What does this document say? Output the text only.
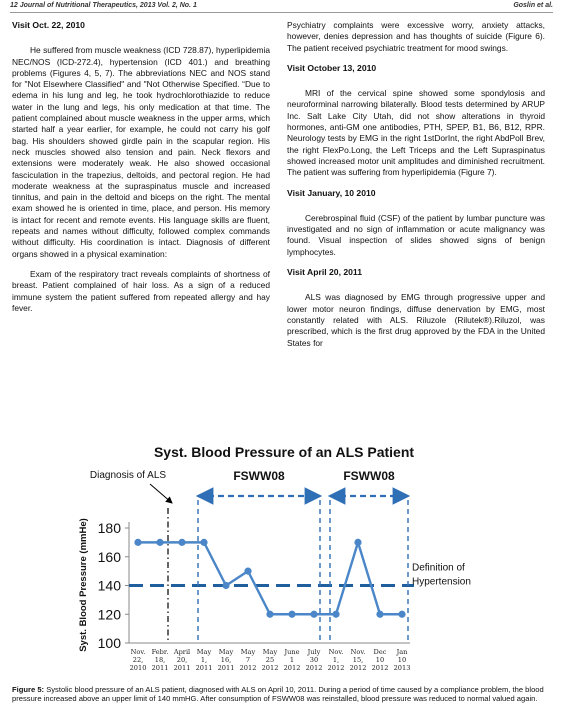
12 Journal of Nutritional Therapeutics, 2013 Vol. 2, No. 1	Goslin et al.
Visit Oct. 22, 2010

He suffered from muscle weakness (ICD 728.87), hyperlipidemia NEC/NOS (ICD-272.4), hypertension (ICD 401.) and breathing problems (Figures 4, 5, 7). The abbreviations NEC and NOS stand for "Not Elsewhere Classified" and "Not Otherwise Specified. “Due to edema in his lung and leg, he took hydrochlorothiazide to reduce water in the lung and legs, his only medication at that time. The patient complained about muscle weakness in the upper arms, which started half a year earlier, for example, he could not carry his golf bag. His shoulders showed girdle pain in the scapular region. His neck muscles showed also tension and pain. Neck flexors and extensions were moderately weak. He also showed occasional fasciculation in the trapezius, deltoids, and pectoral region. He had moderate weakness at the supraspinatus muscle and increased tinnitus, and pain in the deltoid and biceps on the right. The mental exam showed he is oriented in time, place, and person. His memory is intact for recent and remote events. His language skills are fluent, repeats and names without difficulty, followed complex commands without difficulty. His coordination is intact. Diagnosis of different organs showed in a physical examination:

Exam of the respiratory tract reveals complaints of shortness of breast. Patient complained of hair loss. As a sign of a reduced immune system the patient suffered from repeated allergy and hay fever.

Psychiatry complaints were excessive worry, anxiety attacks, however, denies depression and has thoughts of suicide (Figure 6). The patient received psychiatric treatment for mood swings.

Visit October 13, 2010

MRI of the cervical spine showed some spondylosis and neuroforminal narrowing bilaterally. Blood tests determined by ARUP Inc. Salt Lake City Utah, did not show alterations in thyroid hormones, anti-GM one antibodies, PTH, SPEP, B1, B6, B12, RPR. Neurology tests by EMG in the right 1stDorInt, the right AbdPoll Brev, the right FlexPo.Long, the Left Triceps and the Left Supraspinatus showed increased motor unit amplitudes and diminished recruitment. The patient was suffering from hyperlipidemia (Figure 7).

Visit January, 10 2010

Cerebrospinal fluid (CSF) of the patient by lumbar puncture was investigated and no sign of inflammation or acute malignancy was found. Visual inspection of slides showed signs of benign lymphocytes.

Visit April 20, 2011

ALS was diagnosed by EMG through progressive upper and lower motor neuron findings, diffuse denervation by EMG, most constantly related with ALS. Riluzole (Rilutek®).Riluzol, was prescribed, which is the first drug approved by the FDA in the United States for

Syst. Blood Pressure of an ALS Patient
Syst. Blood Pressure (mmHe) 100
120
140
160
180
Nov.
22,
2010
Febr.
18,
2011
April
20,
2011
May
1,
2011
May
16,
2011
May
7
2012
May
25
2012
June
1
2012
July
30
2012
Nov.
1,
2012
Nov.
15,
2012
Dec
10
2012
Jan
10
2013
Definition of
Hypertension
Diagnosis of ALS	FSWW08	FSWW08
Figure 5: Systolic blood pressure of an ALS patient, diagnosed with ALS on April 10, 2011. During a period of time caused by a compliance problem, the blood pressure increased above an upper limit of 140 mmHG. After consumption of FSWW08 was reinstalled, blood pressure was reduced to normal valued again.
